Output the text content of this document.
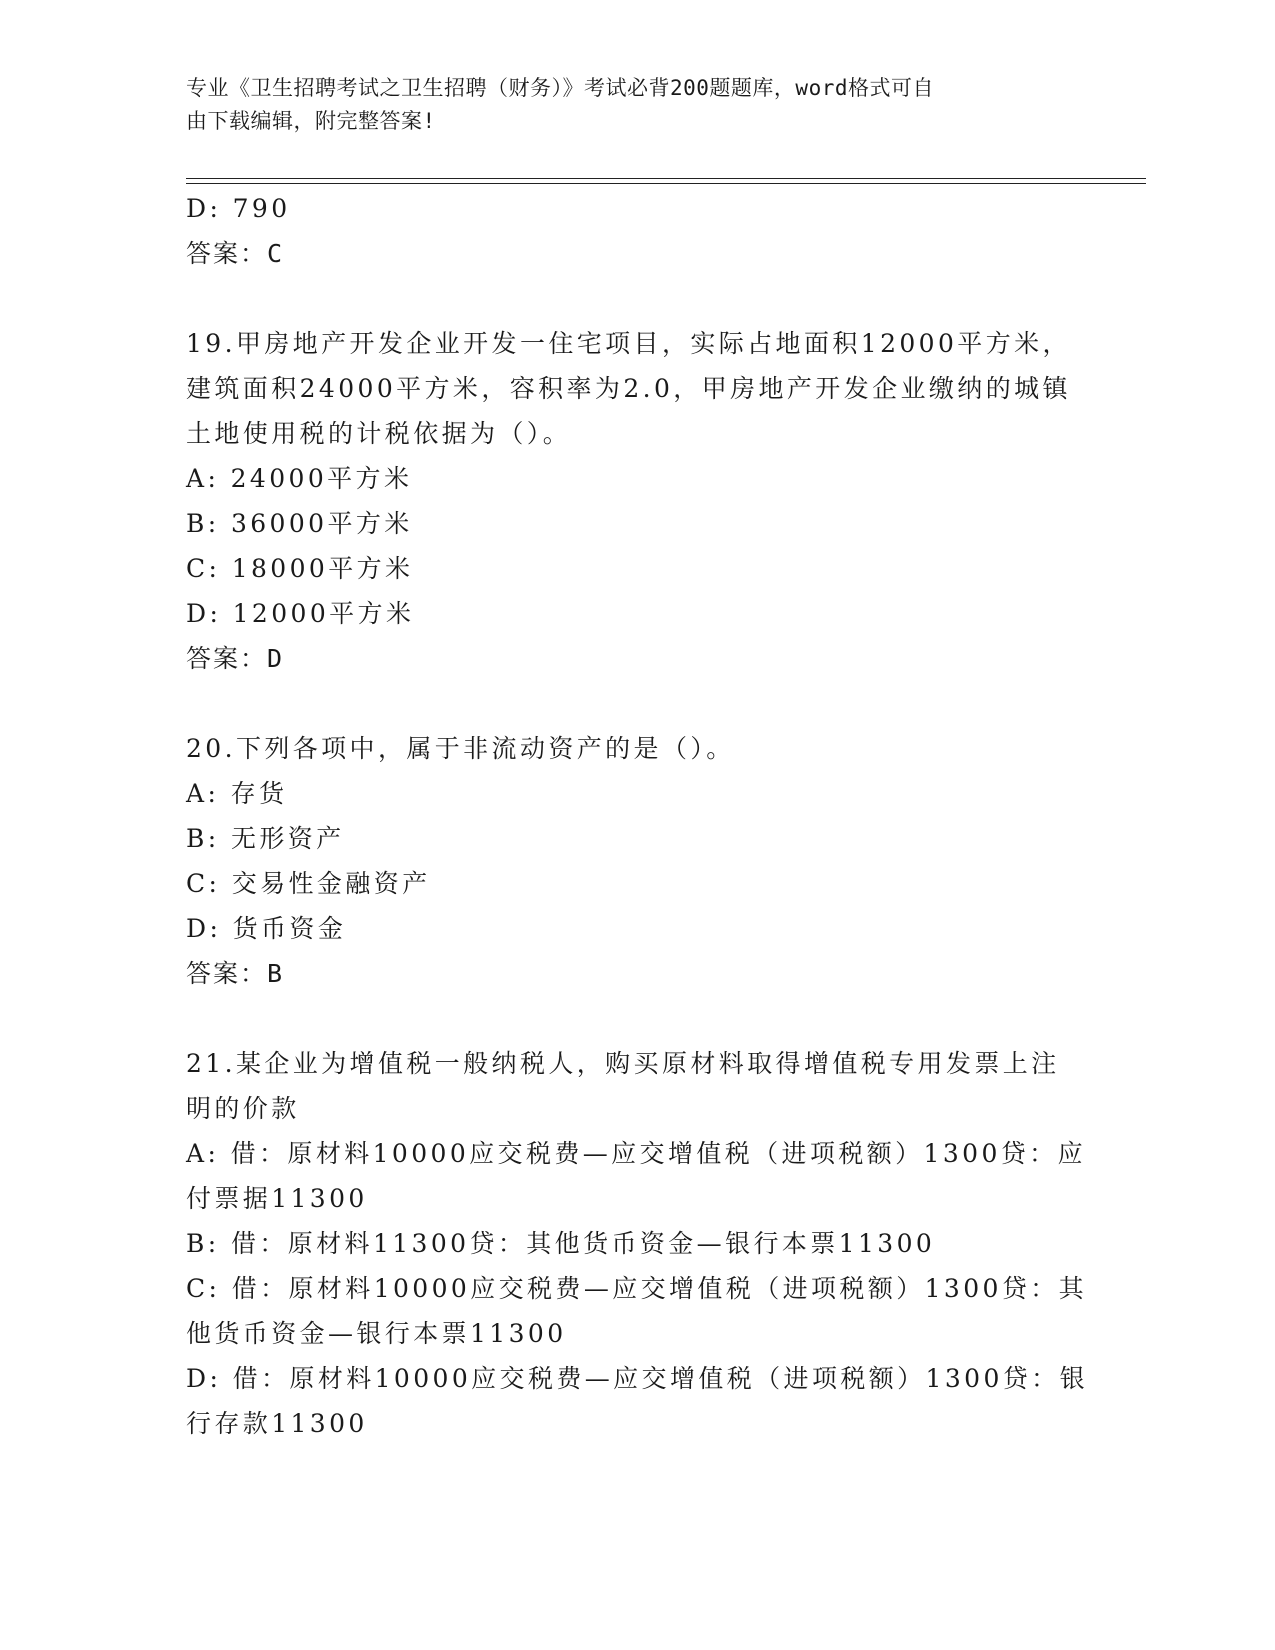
专业《卫生招聘考试之卫生招聘（财务）》考试必背200题题库，word格式可自
由下载编辑，附完整答案!
D: 790
答案：C
19.甲房地产开发企业开发一住宅项目，实际占地面积12000平方米，
建筑面积24000平方米，容积率为2.0，甲房地产开发企业缴纳的城镇
土地使用税的计税依据为（）。
A: 24000平方米
B: 36000平方米
C: 18000平方米
D: 12000平方米
答案：D
20.下列各项中，属于非流动资产的是（）。
A: 存货
B: 无形资产
C: 交易性金融资产
D: 货币资金
答案：B
21.某企业为增值税一般纳税人，购买原材料取得增值税专用发票上注
明的价款
A: 借：原材料10000应交税费—应交增值税（进项税额）1300贷：应
付票据11300
B: 借：原材料11300贷：其他货币资金—银行本票11300
C: 借：原材料10000应交税费—应交增值税（进项税额）1300贷：其
他货币资金—银行本票11300
D: 借：原材料10000应交税费—应交增值税（进项税额）1300贷：银
行存款11300
